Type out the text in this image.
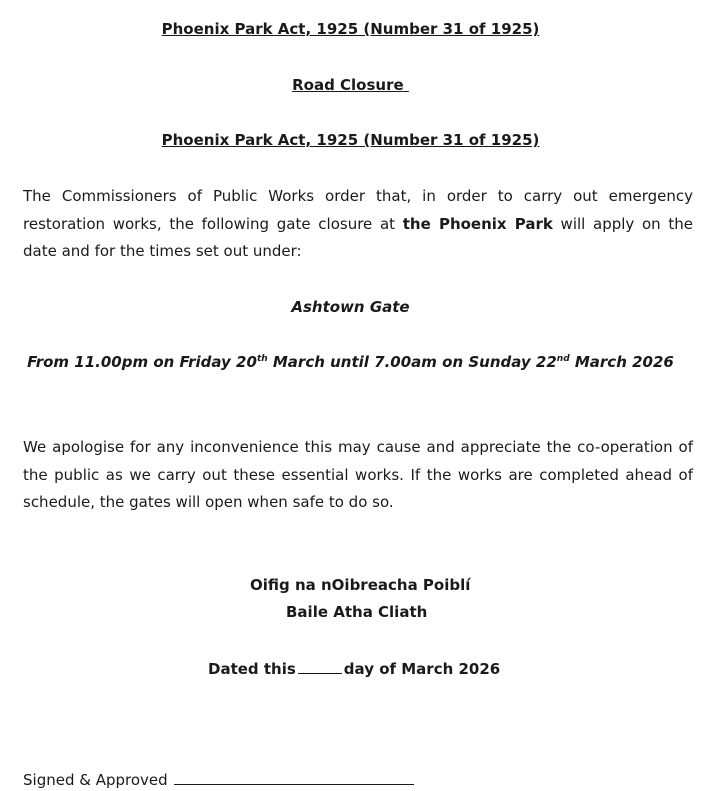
Phoenix Park Act, 1925 (Number 31 of 1925)
Road Closure
Phoenix Park Act, 1925 (Number 31 of 1925)
The Commissioners of Public Works order that, in order to carry out emergency
restoration works, the following gate closure at the Phoenix Park will apply on the
date and for the times set out under:
Ashtown Gate
From 11.00pm on Friday 20th March until 7.00am on Sunday 22nd March 2026
We apologise for any inconvenience this may cause and appreciate the co-operation of
the public as we carry out these essential works. If the works are completed ahead of
schedule, the gates will open when safe to do so.
Oifig na nOibreacha Poiblí
Baile Atha Cliath
Dated this	day of March 2026
Signed & Approved
